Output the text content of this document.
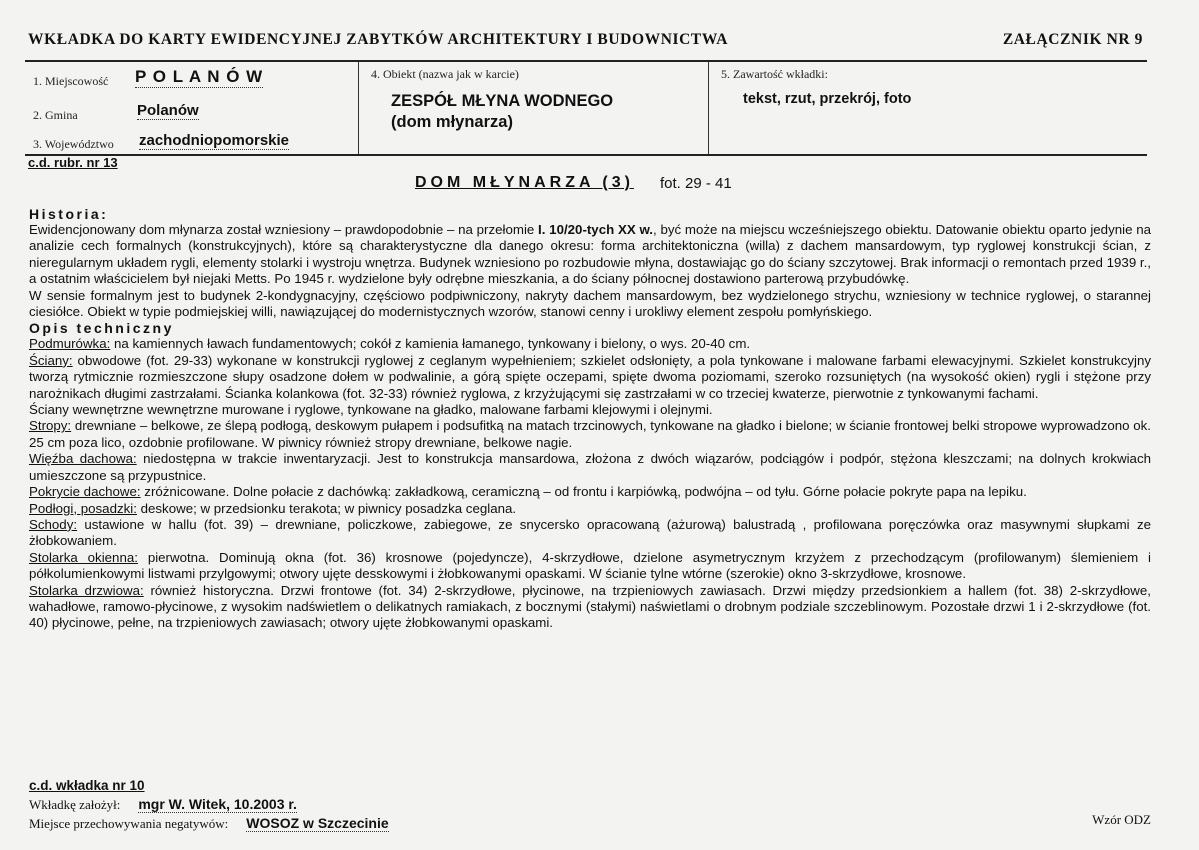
WKŁADKA DO KARTY EWIDENCYJNEJ ZABYTKÓW ARCHITEKTURY I BUDOWNICTWA	ZAŁĄCZNIK NR 9
1. Miejscowość P O L A N Ó W
2. Gmina	Polanów
3. Województwo zachodniopomorskie
4. Obiekt (nazwa jak w karcie)
ZESPÓŁ MŁYNA WODNEGO
(dom młynarza)
5. Zawartość wkładki:
tekst, rzut, przekrój, foto
c.d. rubr. nr 13
DOM MŁYNARZA (3) fot. 29 - 41

Historia:

Ewidencjonowany dom młynarza został wzniesiony – prawdopodobnie – na przełomie I. 10/20-tych XX w., być może na miejscu wcześniejszego obiektu. Datowanie obiektu oparto jedynie na analizie cech formalnych (konstrukcyjnych), które są charakterystyczne dla danego okresu: forma architektoniczna (willa) z dachem mansardowym, typ ryglowej konstrukcji ścian, z nieregularnym układem rygli, elementy stolarki i wystroju wnętrza. Budynek wzniesiono po rozbudowie młyna, dostawiając go do ściany szczytowej. Brak informacji o remontach przed 1939 r., a ostatnim właścicielem był niejaki Metts. Po 1945 r. wydzielone były odrębne mieszkania, a do ściany północnej dostawiono parterową przybudówkę.

W sensie formalnym jest to budynek 2-kondygnacyjny, częściowo podpiwniczony, nakryty dachem mansardowym, bez wydzielonego strychu, wzniesiony w technice ryglowej, o starannej ciesiółce. Obiekt w typie podmiejskiej willi, nawiązującej do modernistycznych wzorów, stanowi cenny i urokliwy element zespołu pomłyńskiego.

Opis techniczny

Podmurówka: na kamiennych ławach fundamentowych; cokół z kamienia łamanego, tynkowany i bielony, o wys. 20-40 cm.

Ściany: obwodowe (fot. 29-33) wykonane w konstrukcji ryglowej z ceglanym wypełnieniem; szkielet odsłonięty, a pola tynkowane i malowane farbami elewacyjnymi. Szkielet konstrukcyjny tworzą rytmicznie rozmieszczone słupy osadzone dołem w podwalinie, a górą spięte oczepami, spięte dwoma poziomami, szeroko rozsuniętych (na wysokość okien) rygli i stężone przy narożnikach długimi zastrzałami. Ścianka kolankowa (fot. 32-33) również ryglowa, z krzyżującymi się zastrzałami w co trzeciej kwaterze, pierwotnie z tynkowanymi fachami.

Ściany wewnętrzne wewnętrzne murowane i ryglowe, tynkowane na gładko, malowane farbami klejowymi i olejnymi.

Stropy: drewniane – belkowe, ze ślepą podłogą, deskowym pułapem i podsufitką na matach trzcinowych, tynkowane na gładko i bielone; w ścianie frontowej belki stropowe wyprowadzono ok. 25 cm poza lico, ozdobnie profilowane. W piwnicy również stropy drewniane, belkowe nagie.

Więźba dachowa: niedostępna w trakcie inwentaryzacji. Jest to konstrukcja mansardowa, złożona z dwóch wiązarów, podciągów i podpór, stężona kleszczami; na dolnych krokwiach umieszczone są przypustnice.

Pokrycie dachowe: zróżnicowane. Dolne połacie z dachówką: zakładkową, ceramiczną – od frontu i karpiówką, podwójna – od tyłu. Górne połacie pokryte papa na lepiku.

Podłogi, posadzki: deskowe; w przedsionku terakota; w piwnicy posadzka ceglana.

Schody: ustawione w hallu (fot. 39) – drewniane, policzkowe, zabiegowe, ze snycersko opracowaną (ażurową) balustradą , profilowana poręczówka oraz masywnymi słupkami ze żłobkowaniem.

Stolarka okienna: pierwotna. Dominują okna (fot. 36) krosnowe (pojedyncze), 4-skrzydłowe, dzielone asymetrycznym krzyżem z przechodzącym (profilowanym) ślemieniem i półkolumienkowymi listwami przylgowymi; otwory ujęte desskowymi i żłobkowanymi opaskami. W ścianie tylne wtórne (szerokie) okno 3-skrzydłowe, krosnowe.

Stolarka drzwiowa: również historyczna. Drzwi frontowe (fot. 34) 2-skrzydłowe, płycinowe, na trzpieniowych zawiasach. Drzwi między przedsionkiem a hallem (fot. 38) 2-skrzydłowe, wahadłowe, ramowo-płycinowe, z wysokim nadświetlem o delikatnych ramiakach, z bocznymi (stałymi) naświetlami o drobnym podziale szczeblinowym. Pozostałe drzwi 1 i 2-skrzydłowe (fot. 40) płycinowe, pełne, na trzpieniowych zawiasach; otwory ujęte żłobkowanymi opaskami.

c.d. wkładka nr 10
Wkładkę założył: mgr W. Witek, 10.2003 r.
Miejsce przechowywania negatywów: WOSOZ w Szczecinie	Wzór ODZ
